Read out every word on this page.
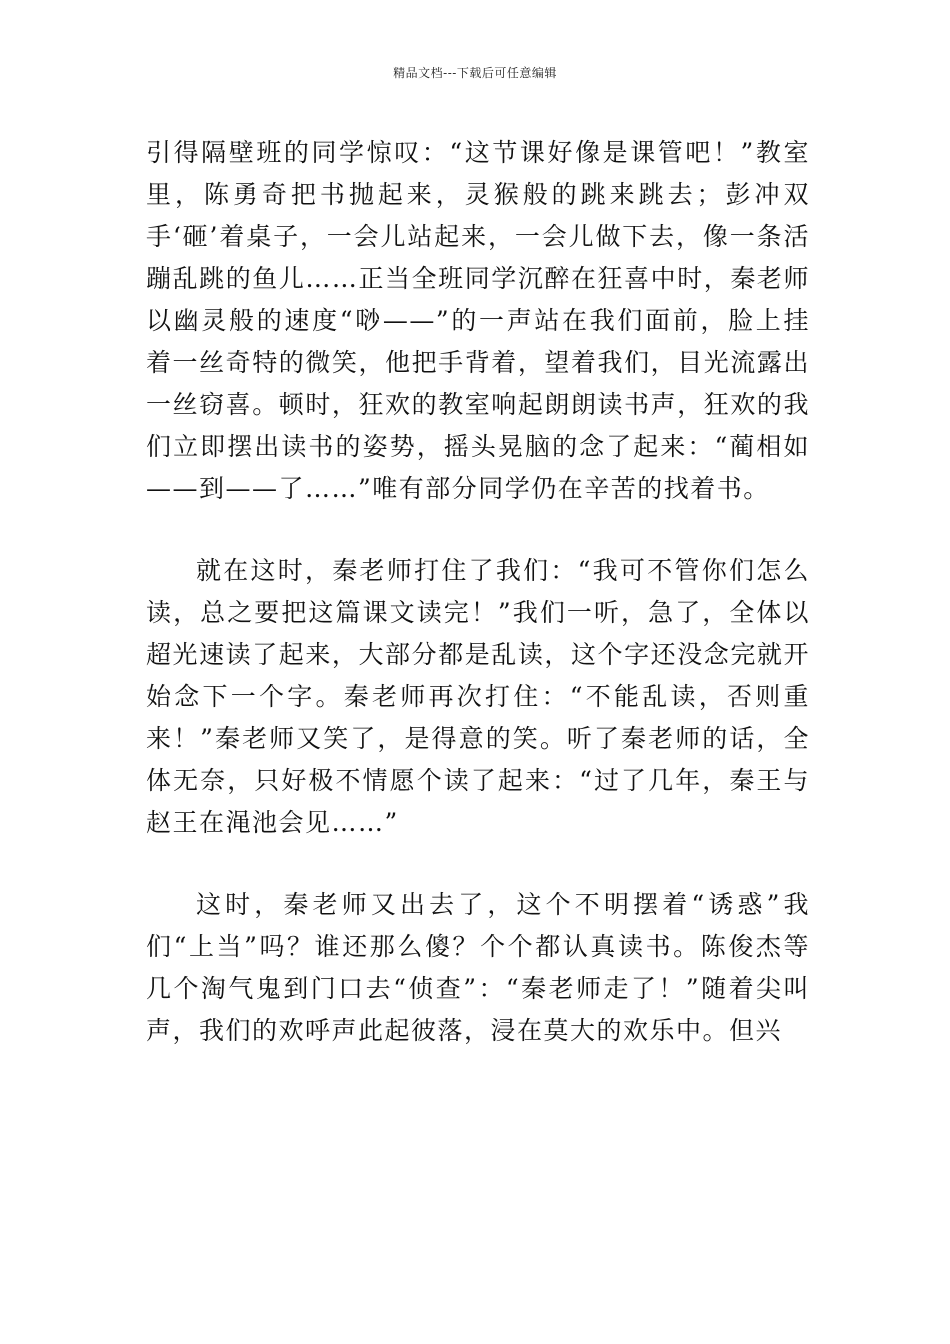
精品文档---下载后可任意编辑

引得隔壁班的同学惊叹：“这节课好像是课管吧！”教室里，陈勇奇把书抛起来，灵猴般的跳来跳去；彭冲双手‘砸’着桌子，一会儿站起来，一会儿做下去，像一条活蹦乱跳的鱼儿……正当全班同学沉醉在狂喜中时，秦老师以幽灵般的速度“唦——”的一声站在我们面前，脸上挂着一丝奇特的微笑，他把手背着，望着我们，目光流露出一丝窃喜。顿时，狂欢的教室响起朗朗读书声，狂欢的我们立即摆出读书的姿势，摇头晃脑的念了起来：“蔺相如——到——了……”唯有部分同学仍在辛苦的找着书。

就在这时，秦老师打住了我们：“我可不管你们怎么读，总之要把这篇课文读完！”我们一听，急了，全体以超光速读了起来，大部分都是乱读，这个字还没念完就开始念下一个字。秦老师再次打住：“不能乱读，否则重来！”秦老师又笑了，是得意的笑。听了秦老师的话，全体无奈，只好极不情愿个读了起来：“过了几年，秦王与赵王在渑池会见……”

这时，秦老师又出去了，这个不明摆着“诱惑”我们“上当”吗？谁还那么傻？个个都认真读书。陈俊杰等几个淘气鬼到门口去“侦查”：“秦老师走了！”随着尖叫声，我们的欢呼声此起彼落，浸在莫大的欢乐中。但兴
